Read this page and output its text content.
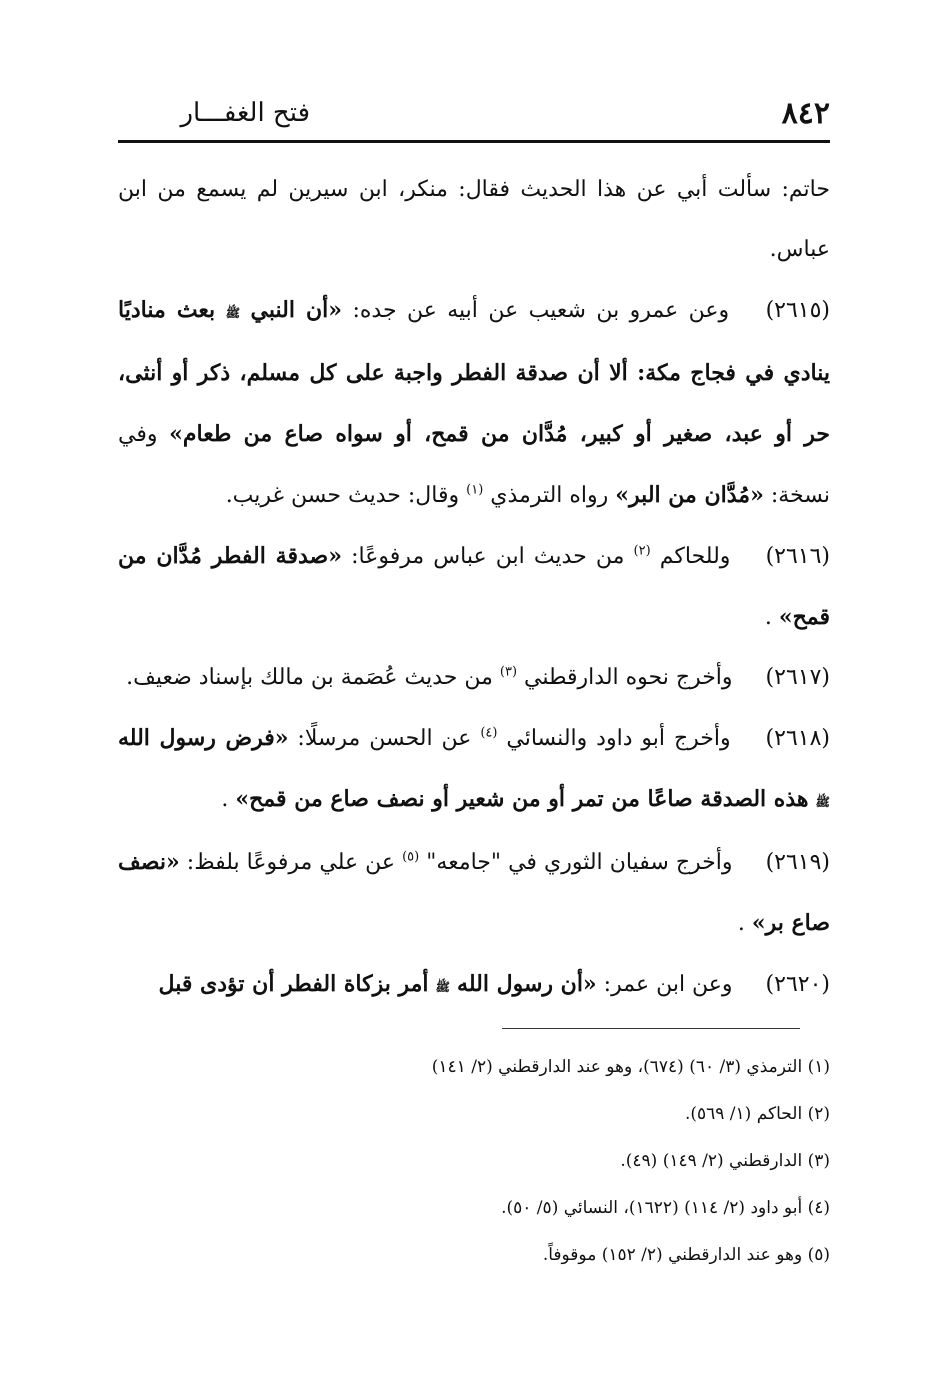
٨٤٢
فتح الغفـــار

حاتم: سألت أبي عن هذا الحديث فقال: منكر، ابن سيرين لم يسمع من ابن عباس.

(٢٦١٥) وعن عمرو بن شعيب عن أبيه عن جده: «أن النبي ﷺ بعث مناديًا ينادي في فجاج مكة: ألا أن صدقة الفطر واجبة على كل مسلم، ذكر أو أنثى، حر أو عبد، صغير أو كبير، مُدَّان من قمح، أو سواه صاع من طعام» وفي نسخة: «مُدَّان من البر» رواه الترمذي $^{(١)}$ وقال: حديث حسن غريب.

(٢٦١٦) وللحاكم $^{(٢)}$ من حديث ابن عباس مرفوعًا: «صدقة الفطر مُدَّان من قمح» .

(٢٦١٧) وأخرج نحوه الدارقطني $^{(٣)}$ من حديث عُصَمة بن مالك بإسناد ضعيف.

(٢٦١٨) وأخرج أبو داود والنسائي $^{(٤)}$ عن الحسن مرسلًا: «فرض رسول الله ﷺ هذه الصدقة صاعًا من تمر أو من شعير أو نصف صاع من قمح» .

(٢٦١٩) وأخرج سفيان الثوري في "جامعه" $^{(٥)}$ عن علي مرفوعًا بلفظ: «نصف صاع بر» .

(٢٦٢٠) وعن ابن عمر: «أن رسول الله ﷺ أمر بزكاة الفطر أن تؤدى قبل

(١) الترمذي (٣/ ٦٠) (٦٧٤)، وهو عند الدارقطني (٢/ ١٤١)

(٢) الحاكم (١/ ٥٦٩).

(٣) الدارقطني (٢/ ١٤٩) (٤٩).

(٤) أبو داود (٢/ ١١٤) (١٦٢٢)، النسائي (٥/ ٥٠).

(٥) وهو عند الدارقطني (٢/ ١٥٢) موقوفاً.
